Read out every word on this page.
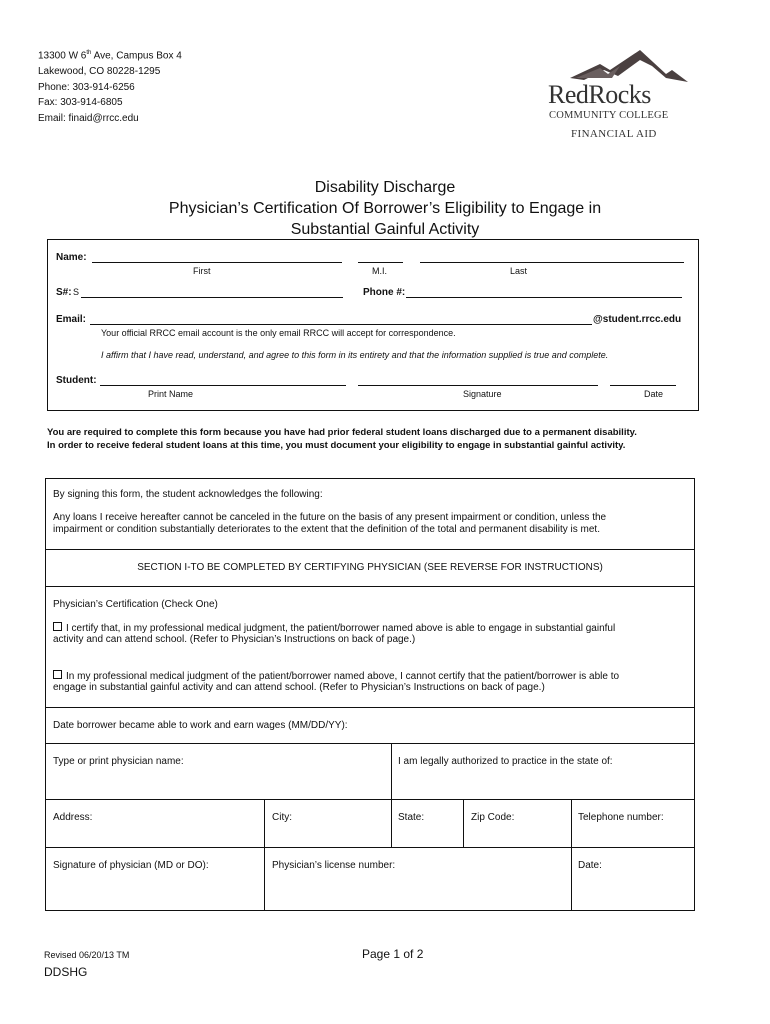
13300 W 6th Ave, Campus Box 4
Lakewood, CO 80228-1295
Phone: 303-914-6256
Fax: 303-914-6805
Email: finaid@rrcc.edu
RedRocks
COMMUNITY COLLEGE
FINANCIAL AID
Disability Discharge
Physician’s Certification Of Borrower’s Eligibility to Engage in
Substantial Gainful Activity
Name:
First	M.I.	Last
S#: S	Phone #:
Email:	@student.rrcc.edu
Your official RRCC email account is the only email RRCC will accept for correspondence.
I affirm that I have read, understand, and agree to this form in its entirety and that the information supplied is true and complete.
Student:
Print Name	Signature	Date
You are required to complete this form because you have had prior federal student loans discharged due to a permanent disability.
In order to receive federal student loans at this time, you must document your eligibility to engage in substantial gainful activity.
By signing this form, the student acknowledges the following:
Any loans I receive hereafter cannot be canceled in the future on the basis of any present impairment or condition, unless the
impairment or condition substantially deteriorates to the extent that the definition of the total and permanent disability is met.
SECTION I-TO BE COMPLETED BY CERTIFYING PHYSICIAN (SEE REVERSE FOR INSTRUCTIONS)
Physician’s Certification (Check One)
I certify that, in my professional medical judgment, the patient/borrower named above is able to engage in substantial gainful
activity and can attend school. (Refer to Physician’s Instructions on back of page.)
In my professional medical judgment of the patient/borrower named above, I cannot certify that the patient/borrower is able to
engage in substantial gainful activity and can attend school. (Refer to Physician’s Instructions on back of page.)
Date borrower became able to work and earn wages (MM/DD/YY):
Type or print physician name:	I am legally authorized to practice in the state of:
Address:	City:	State:	Zip Code:	Telephone number:
Signature of physician (MD or DO):	Physician’s license number:	Date:
Revised 06/20/13 TM	Page 1 of 2
DDSHG
